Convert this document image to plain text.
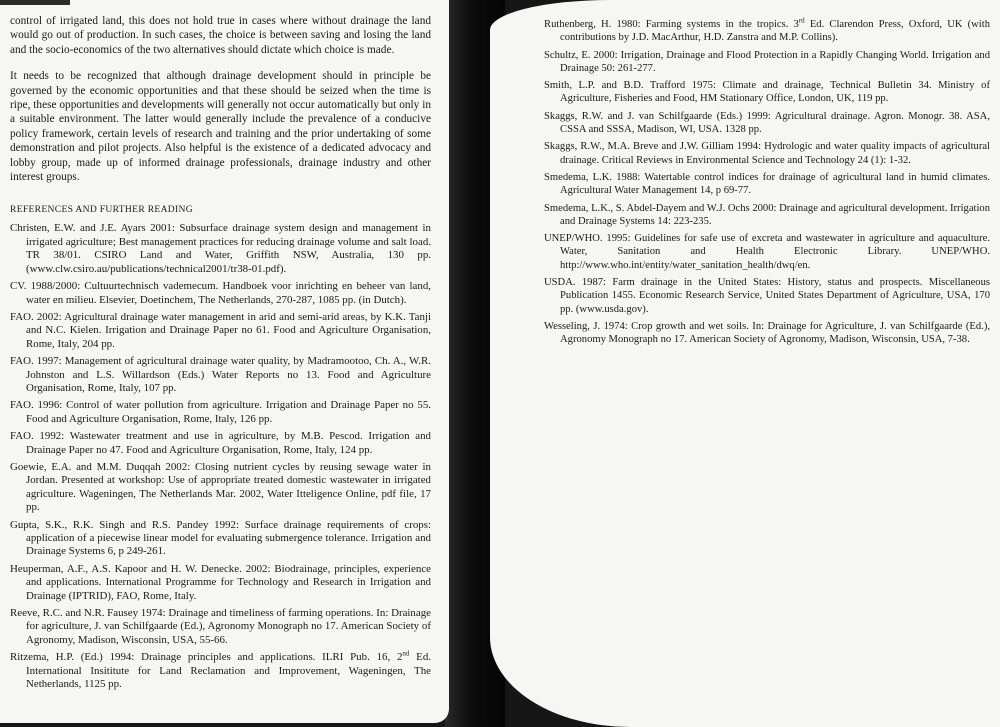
control of irrigated land, this does not hold true in cases where without drainage the land would go out of production. In such cases, the choice is between saving and losing the land and the socio-economics of the two alternatives should dictate which choice is made.

It needs to be recognized that although drainage development should in principle be governed by the economic opportunities and that these should be seized when the time is ripe, these opportunities and developments will generally not occur automatically but only in a suitable environment. The latter would generally include the prevalence of a conducive policy framework, certain levels of research and training and the prior undertaking of some demonstration and pilot projects. Also helpful is the existence of a dedicated advocacy and lobby group, made up of informed drainage professionals, drainage industry and other interest groups.

REFERENCES AND FURTHER READING

Christen, E.W. and J.E. Ayars 2001: Subsurface drainage system design and management in irrigated agriculture; Best management practices for reducing drainage volume and salt load. TR 38/01. CSIRO Land and Water, Griffith NSW, Australia, 130 pp. (www.clw.csiro.au/publications/technical2001/tr38-01.pdf).

CV. 1988/2000: Cultuurtechnisch vademecum. Handboek voor inrichting en beheer van land, water en milieu. Elsevier, Doetinchem, The Netherlands, 270-287, 1085 pp. (in Dutch).

FAO. 2002: Agricultural drainage water management in arid and semi-arid areas, by K.K. Tanji and N.C. Kielen. Irrigation and Drainage Paper no 61. Food and Agriculture Organisation, Rome, Italy, 204 pp.

FAO. 1997: Management of agricultural drainage water quality, by Madramootoo, Ch. A., W.R. Johnston and L.S. Willardson (Eds.) Water Reports no 13. Food and Agriculture Organisation, Rome, Italy, 107 pp.

FAO. 1996: Control of water pollution from agriculture. Irrigation and Drainage Paper no 55. Food and Agriculture Organisation, Rome, Italy, 126 pp.

FAO. 1992: Wastewater treatment and use in agriculture, by M.B. Pescod. Irrigation and Drainage Paper no 47. Food and Agriculture Organisation, Rome, Italy, 124 pp.

Goewie, E.A. and M.M. Duqqah 2002: Closing nutrient cycles by reusing sewage water in Jordan. Presented at workshop: Use of appropriate treated domestic wastewater in irrigated agriculture. Wageningen, The Netherlands Mar. 2002, Water Itteligence Online, pdf file, 17 pp.

Gupta, S.K., R.K. Singh and R.S. Pandey 1992: Surface drainage requirements of crops: application of a piecewise linear model for evaluating submergence tolerance. Irrigation and Drainage Systems 6, p 249-261.

Heuperman, A.F., A.S. Kapoor and H. W. Denecke. 2002: Biodrainage, principles, experience and applications. International Programme for Technology and Research in Irrigation and Drainage (IPTRID), FAO, Rome, Italy.

Reeve, R.C. and N.R. Fausey 1974: Drainage and timeliness of farming operations. In: Drainage for agriculture, J. van Schilfgaarde (Ed.), Agronomy Monograph no 17. American Society of Agronomy, Madison, Wisconsin, USA, 55-66.

Ritzema, H.P. (Ed.) 1994: Drainage principles and applications. ILRI Pub. 16, 2nd Ed. International Insititute for Land Reclamation and Improvement, Wageningen, The Netherlands, 1125 pp.

Ruthenberg, H. 1980: Farming systems in the tropics. 3rd Ed. Clarendon Press, Oxford, UK (with contributions by J.D. MacArthur, H.D. Zanstra and M.P. Collins).

Schultz, E. 2000: Irrigation, Drainage and Flood Protection in a Rapidly Changing World. Irrigation and Drainage 50: 261-277.

Smith, L.P. and B.D. Trafford 1975: Climate and drainage, Technical Bulletin 34. Ministry of Agriculture, Fisheries and Food, HM Stationary Office, London, UK, 119 pp.

Skaggs, R.W. and J. van Schilfgaarde (Eds.) 1999: Agricultural drainage. Agron. Monogr. 38. ASA, CSSA and SSSA, Madison, WI, USA. 1328 pp.

Skaggs, R.W., M.A. Breve and J.W. Gilliam 1994: Hydrologic and water quality impacts of agricultural drainage. Critical Reviews in Environmental Science and Technology 24 (1): 1-32.

Smedema, L.K. 1988: Watertable control indices for drainage of agricultural land in humid climates. Agricultural Water Management 14, p 69-77.

Smedema, L.K., S. Abdel-Dayem and W.J. Ochs 2000: Drainage and agricultural development. Irrigation and Drainage Systems 14: 223-235.

UNEP/WHO. 1995: Guidelines for safe use of excreta and wastewater in agriculture and aquaculture. Water, Sanitation and Health Electronic Library. UNEP/WHO. http://www.who.int/entity/water_sanitation_health/dwq/en.

USDA. 1987: Farm drainage in the United States: History, status and prospects. Miscellaneous Publication 1455. Economic Research Service, United States Department of Agriculture, USA, 170 pp. (www.usda.gov).

Wesseling, J. 1974: Crop growth and wet soils. In: Drainage for Agriculture, J. van Schilfgaarde (Ed.), Agronomy Monograph no 17. American Society of Agronomy, Madison, Wisconsin, USA, 7-38.
